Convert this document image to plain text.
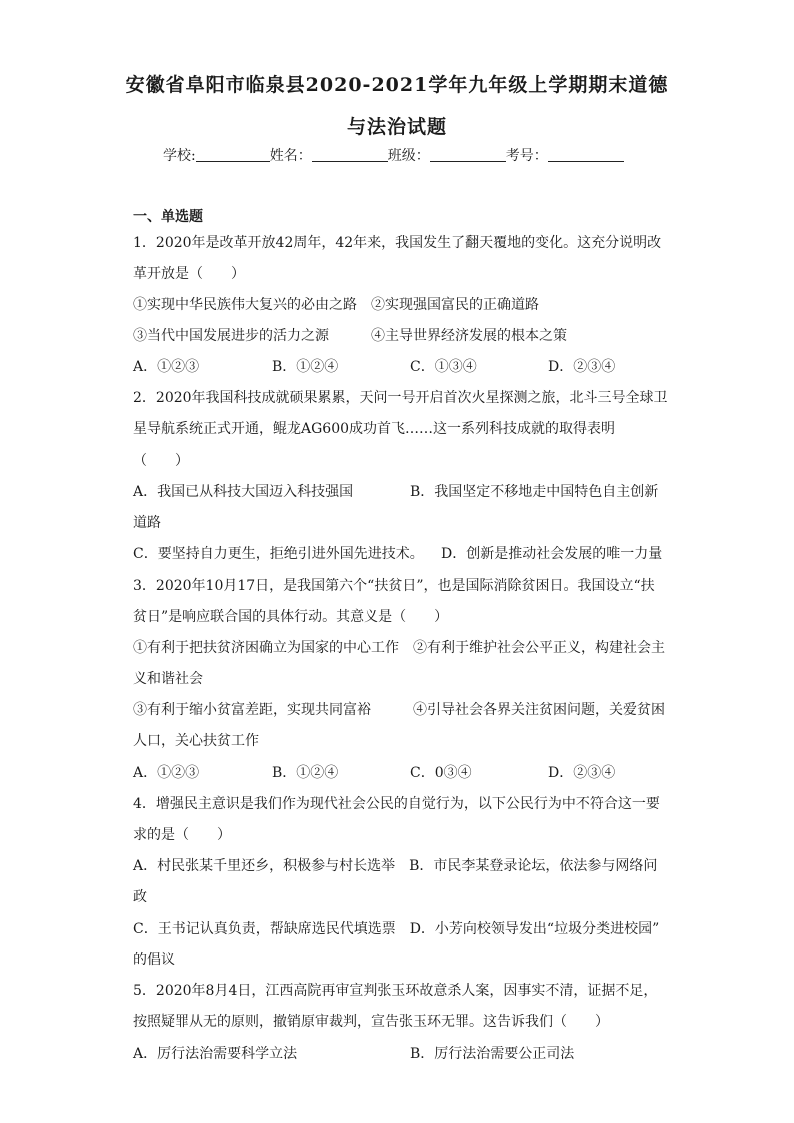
安徽省阜阳市临泉县2020-2021学年九年级上学期期末道德
与法治试题
学校:	姓名：	班级：	考号：
一、单选题
1．2020年是改革开放42周年，42年来，我国发生了翻天覆地的变化。这充分说明改
革开放是（　　）
①实现中华民族伟大复兴的必由之路　②实现强国富民的正确道路
③当代中国发展进步的活力之源　　　④主导世界经济发展的根本之策
A．①②③	B．①②④	C．①③④	D．②③④
2．2020年我国科技成就硕果累累，天问一号开启首次火星探测之旅，北斗三号全球卫
星导航系统正式开通，鲲龙AG600成功首飞……这一系列科技成就的取得表明
（　　）
A．我国已从科技大国迈入科技强国	B．我国坚定不移地走中国特色自主创新
道路
C．要坚持自力更生，拒绝引进外国先进技术。 D．创新是推动社会发展的唯一力量
3．2020年10月17日，是我国第六个“扶贫日”，也是国际消除贫困日。我国设立“扶
贫日”是响应联合国的具体行动。其意义是（　　）
①有利于把扶贫济困确立为国家的中心工作　②有利于维护社会公平正义，构建社会主
义和谐社会
③有利于缩小贫富差距，实现共同富裕　　　④引导社会各界关注贫困问题，关爱贫困
人口，关心扶贫工作
A．①②③	B．①②④	C．0③④	D．②③④
4．增强民主意识是我们作为现代社会公民的自觉行为，以下公民行为中不符合这一要
求的是（　　）
A．村民张某千里还乡，积极参与村长选举　B．市民李某登录论坛，依法参与网络问
政
C．王书记认真负责，帮缺席选民代填选票　D．小芳向校领导发出“垃圾分类进校园”
的倡议
5．2020年8月4日，江西高院再审宣判张玉环故意杀人案，因事实不清，证据不足，
按照疑罪从无的原则，撤销原审裁判，宣告张玉环无罪。这告诉我们（　　）
A．厉行法治需要科学立法	B．厉行法治需要公正司法
